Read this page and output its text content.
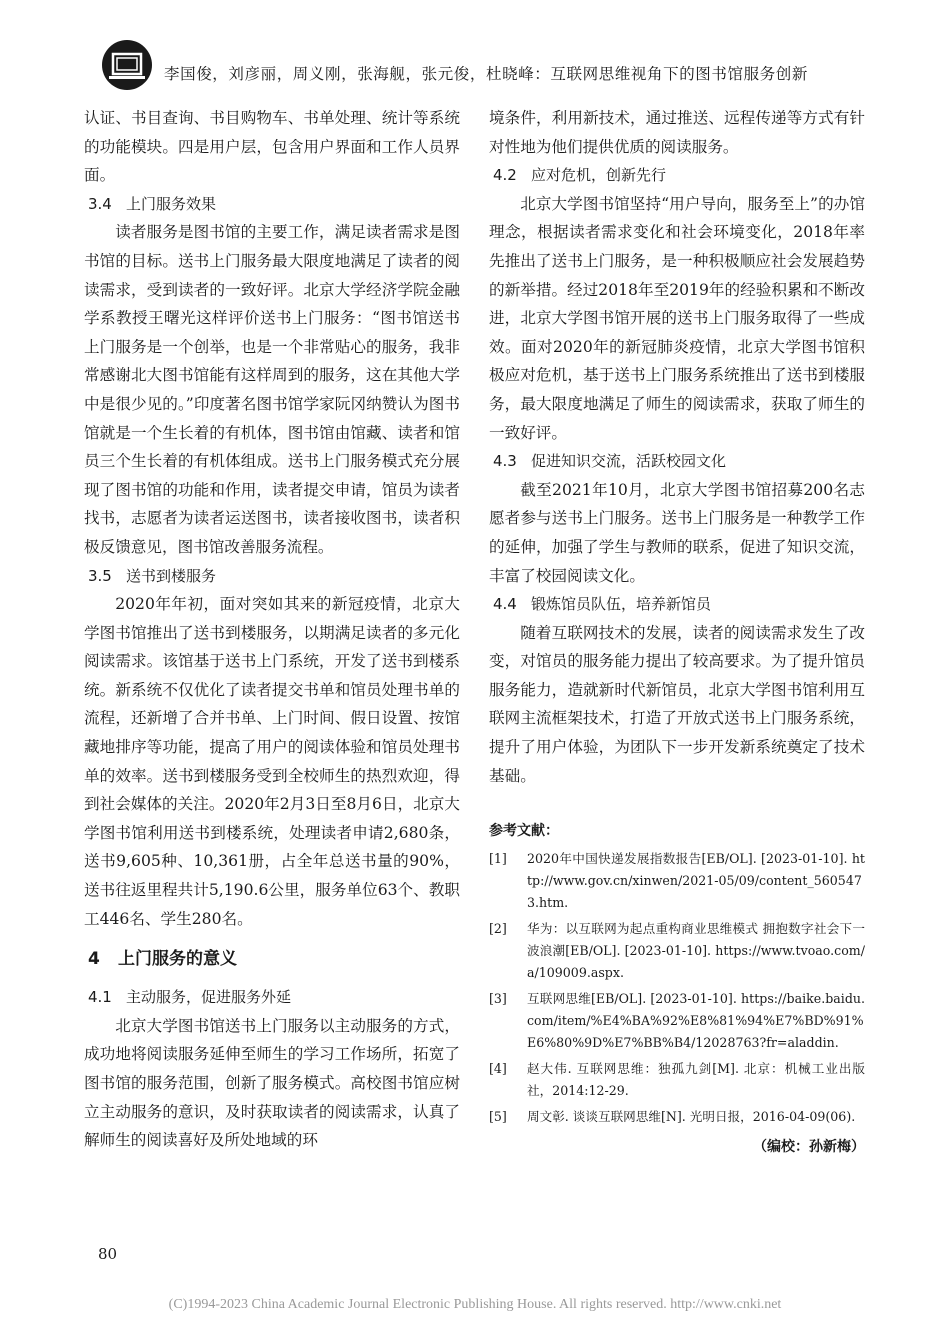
李国俊，刘彦丽，周义刚，张海舰，张元俊，杜晓峰：互联网思维视角下的图书馆服务创新

认证、书目查询、书目购物车、书单处理、统计等系统的功能模块。四是用户层，包含用户界面和工作人员界面。

3.4 上门服务效果

读者服务是图书馆的主要工作，满足读者需求是图书馆的目标。送书上门服务最大限度地满足了读者的阅读需求，受到读者的一致好评。北京大学经济学院金融学系教授王曙光这样评价送书上门服务：“图书馆送书上门服务是一个创举，也是一个非常贴心的服务，我非常感谢北大图书馆能有这样周到的服务，这在其他大学中是很少见的。”印度著名图书馆学家阮冈纳赞认为图书馆就是一个生长着的有机体，图书馆由馆藏、读者和馆员三个生长着的有机体组成。送书上门服务模式充分展现了图书馆的功能和作用，读者提交申请，馆员为读者找书，志愿者为读者运送图书，读者接收图书，读者积极反馈意见，图书馆改善服务流程。

3.5 送书到楼服务

2020年年初，面对突如其来的新冠疫情，北京大学图书馆推出了送书到楼服务，以期满足读者的多元化阅读需求。该馆基于送书上门系统，开发了送书到楼系统。新系统不仅优化了读者提交书单和馆员处理书单的流程，还新增了合并书单、上门时间、假日设置、按馆藏地排序等功能，提高了用户的阅读体验和馆员处理书单的效率。送书到楼服务受到全校师生的热烈欢迎，得到社会媒体的关注。2020年2月3日至8月6日，北京大学图书馆利用送书到楼系统，处理读者申请2,680条，送书9,605种、10,361册，占全年总送书量的90%，送书往返里程共计5,190.6公里，服务单位63个、教职工446名、学生280名。

4 上门服务的意义
4.1 主动服务，促进服务外延

北京大学图书馆送书上门服务以主动服务的方式，成功地将阅读服务延伸至师生的学习工作场所，拓宽了图书馆的服务范围，创新了服务模式。高校图书馆应树立主动服务的意识，及时获取读者的阅读需求，认真了解师生的阅读喜好及所处地域的环

境条件，利用新技术，通过推送、远程传递等方式有针对性地为他们提供优质的阅读服务。

4.2 应对危机，创新先行

北京大学图书馆坚持“用户导向，服务至上”的办馆理念，根据读者需求变化和社会环境变化，2018年率先推出了送书上门服务，是一种积极顺应社会发展趋势的新举措。经过2018年至2019年的经验积累和不断改进，北京大学图书馆开展的送书上门服务取得了一些成效。面对2020年的新冠肺炎疫情，北京大学图书馆积极应对危机，基于送书上门服务系统推出了送书到楼服务，最大限度地满足了师生的阅读需求，获取了师生的一致好评。

4.3 促进知识交流，活跃校园文化

截至2021年10月，北京大学图书馆招募200名志愿者参与送书上门服务。送书上门服务是一种教学工作的延伸，加强了学生与教师的联系，促进了知识交流，丰富了校园阅读文化。

4.4 锻炼馆员队伍，培养新馆员

随着互联网技术的发展，读者的阅读需求发生了改变，对馆员的服务能力提出了较高要求。为了提升馆员服务能力，造就新时代新馆员，北京大学图书馆利用互联网主流框架技术，打造了开放式送书上门服务系统，提升了用户体验，为团队下一步开发新系统奠定了技术基础。

参考文献：
[1]	2020年中国快递发展指数报告[EB/OL]. [2023-01-10]. http://www.gov.cn/xinwen/2021-05/09/content_5605473.htm.
[2]	华为：以互联网为起点重构商业思维模式 拥抱数字社会下一波浪潮[EB/OL]. [2023-01-10]. https://www.tvoao.com/a/109009.aspx.
[3]	互联网思维[EB/OL]. [2023-01-10]. https://baike.baidu.com/item/%E4%BA%92%E8%81%94%E7%BD%91%E6%80%9D%E7%BB%B4/12028763?fr=aladdin.
[4]	赵大伟. 互联网思维：独孤九剑[M]. 北京：机械工业出版社，2014:12-29.
[5]	周文彰. 谈谈互联网思维[N]. 光明日报，2016-04-09(06).
（编校：孙新梅）
80
(C)1994-2023 China Academic Journal Electronic Publishing House. All rights reserved. http://www.cnki.net
